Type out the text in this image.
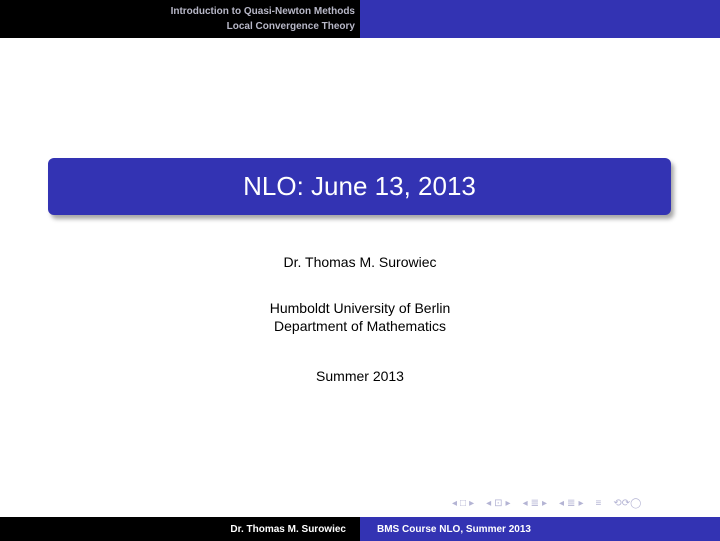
Introduction to Quasi-Newton Methods
Local Convergence Theory
NLO: June 13, 2013
Dr. Thomas M. Surowiec
Humboldt University of Berlin
Department of Mathematics
Summer 2013
◂ □ ▸ ◂ ⊡ ▸ ◂ ≣ ▸ ◂ ≣ ▸ ≡ ⟲⟳◯
Dr. Thomas M. Surowiec	BMS Course NLO, Summer 2013
